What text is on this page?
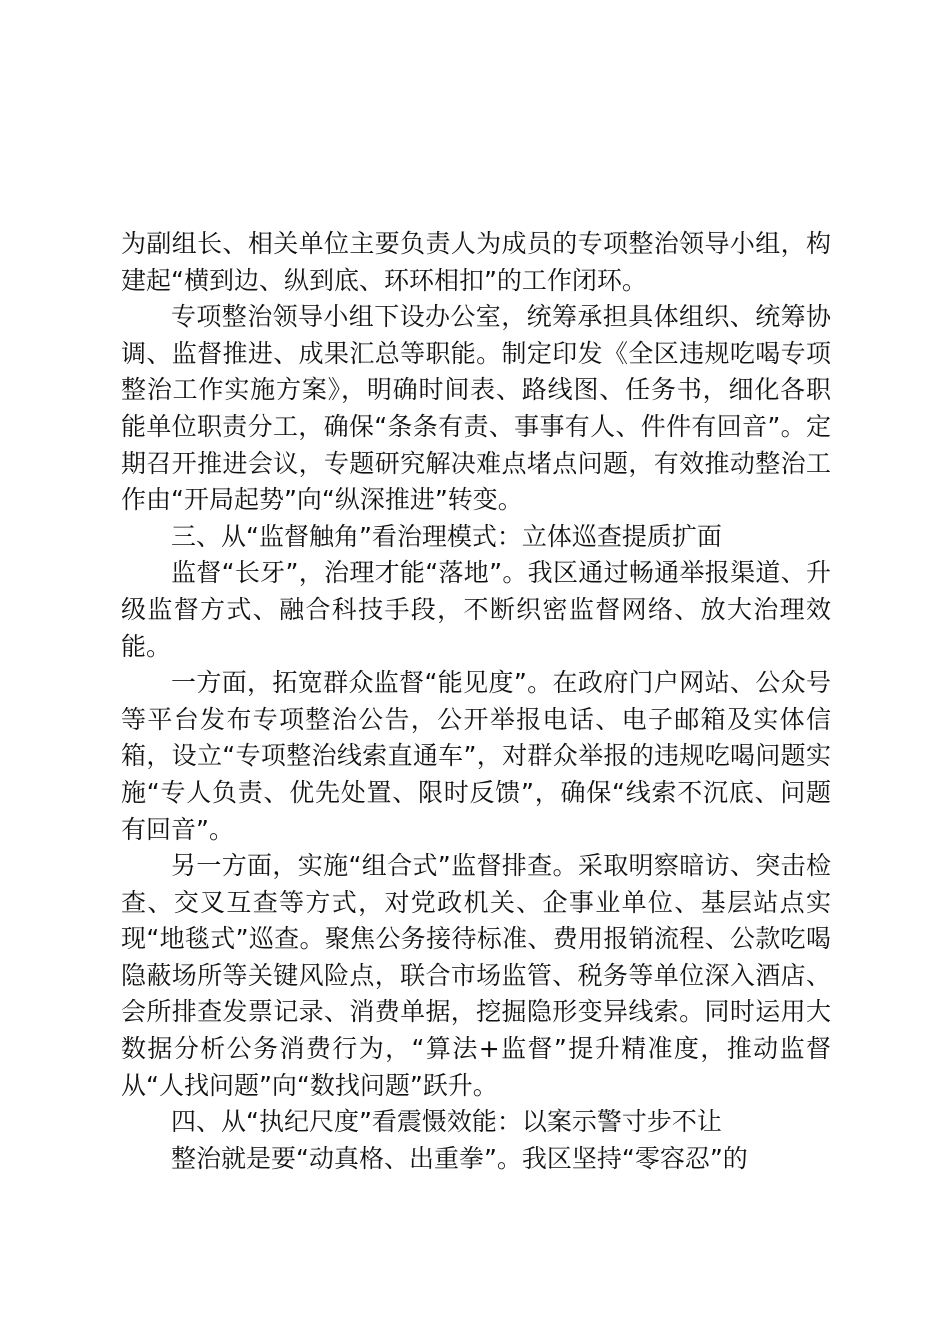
为副组长、相关单位主要负责人为成员的专项整治领导小组，构建起“横到边、纵到底、环环相扣”的工作闭环。

专项整治领导小组下设办公室，统筹承担具体组织、统筹协调、监督推进、成果汇总等职能。制定印发《全区违规吃喝专项整治工作实施方案》，明确时间表、路线图、任务书，细化各职能单位职责分工，确保“条条有责、事事有人、件件有回音”。定期召开推进会议，专题研究解决难点堵点问题，有效推动整治工作由“开局起势”向“纵深推进”转变。

三、从“监督触角”看治理模式：立体巡查提质扩面

监督“长牙”，治理才能“落地”。我区通过畅通举报渠道、升级监督方式、融合科技手段，不断织密监督网络、放大治理效能。

一方面，拓宽群众监督“能见度”。在政府门户网站、公众号等平台发布专项整治公告，公开举报电话、电子邮箱及实体信箱，设立“专项整治线索直通车”，对群众举报的违规吃喝问题实施“专人负责、优先处置、限时反馈”，确保“线索不沉底、问题有回音”。

另一方面，实施“组合式”监督排查。采取明察暗访、突击检查、交叉互查等方式，对党政机关、企事业单位、基层站点实现“地毯式”巡查。聚焦公务接待标准、费用报销流程、公款吃喝隐蔽场所等关键风险点，联合市场监管、税务等单位深入酒店、会所排查发票记录、消费单据，挖掘隐形变异线索。同时运用大数据分析公务消费行为，“算法+监督”提升精准度，推动监督从“人找问题”向“数找问题”跃升。

四、从“执纪尺度”看震慑效能：以案示警寸步不让

整治就是要“动真格、出重拳”。我区坚持“零容忍”的
